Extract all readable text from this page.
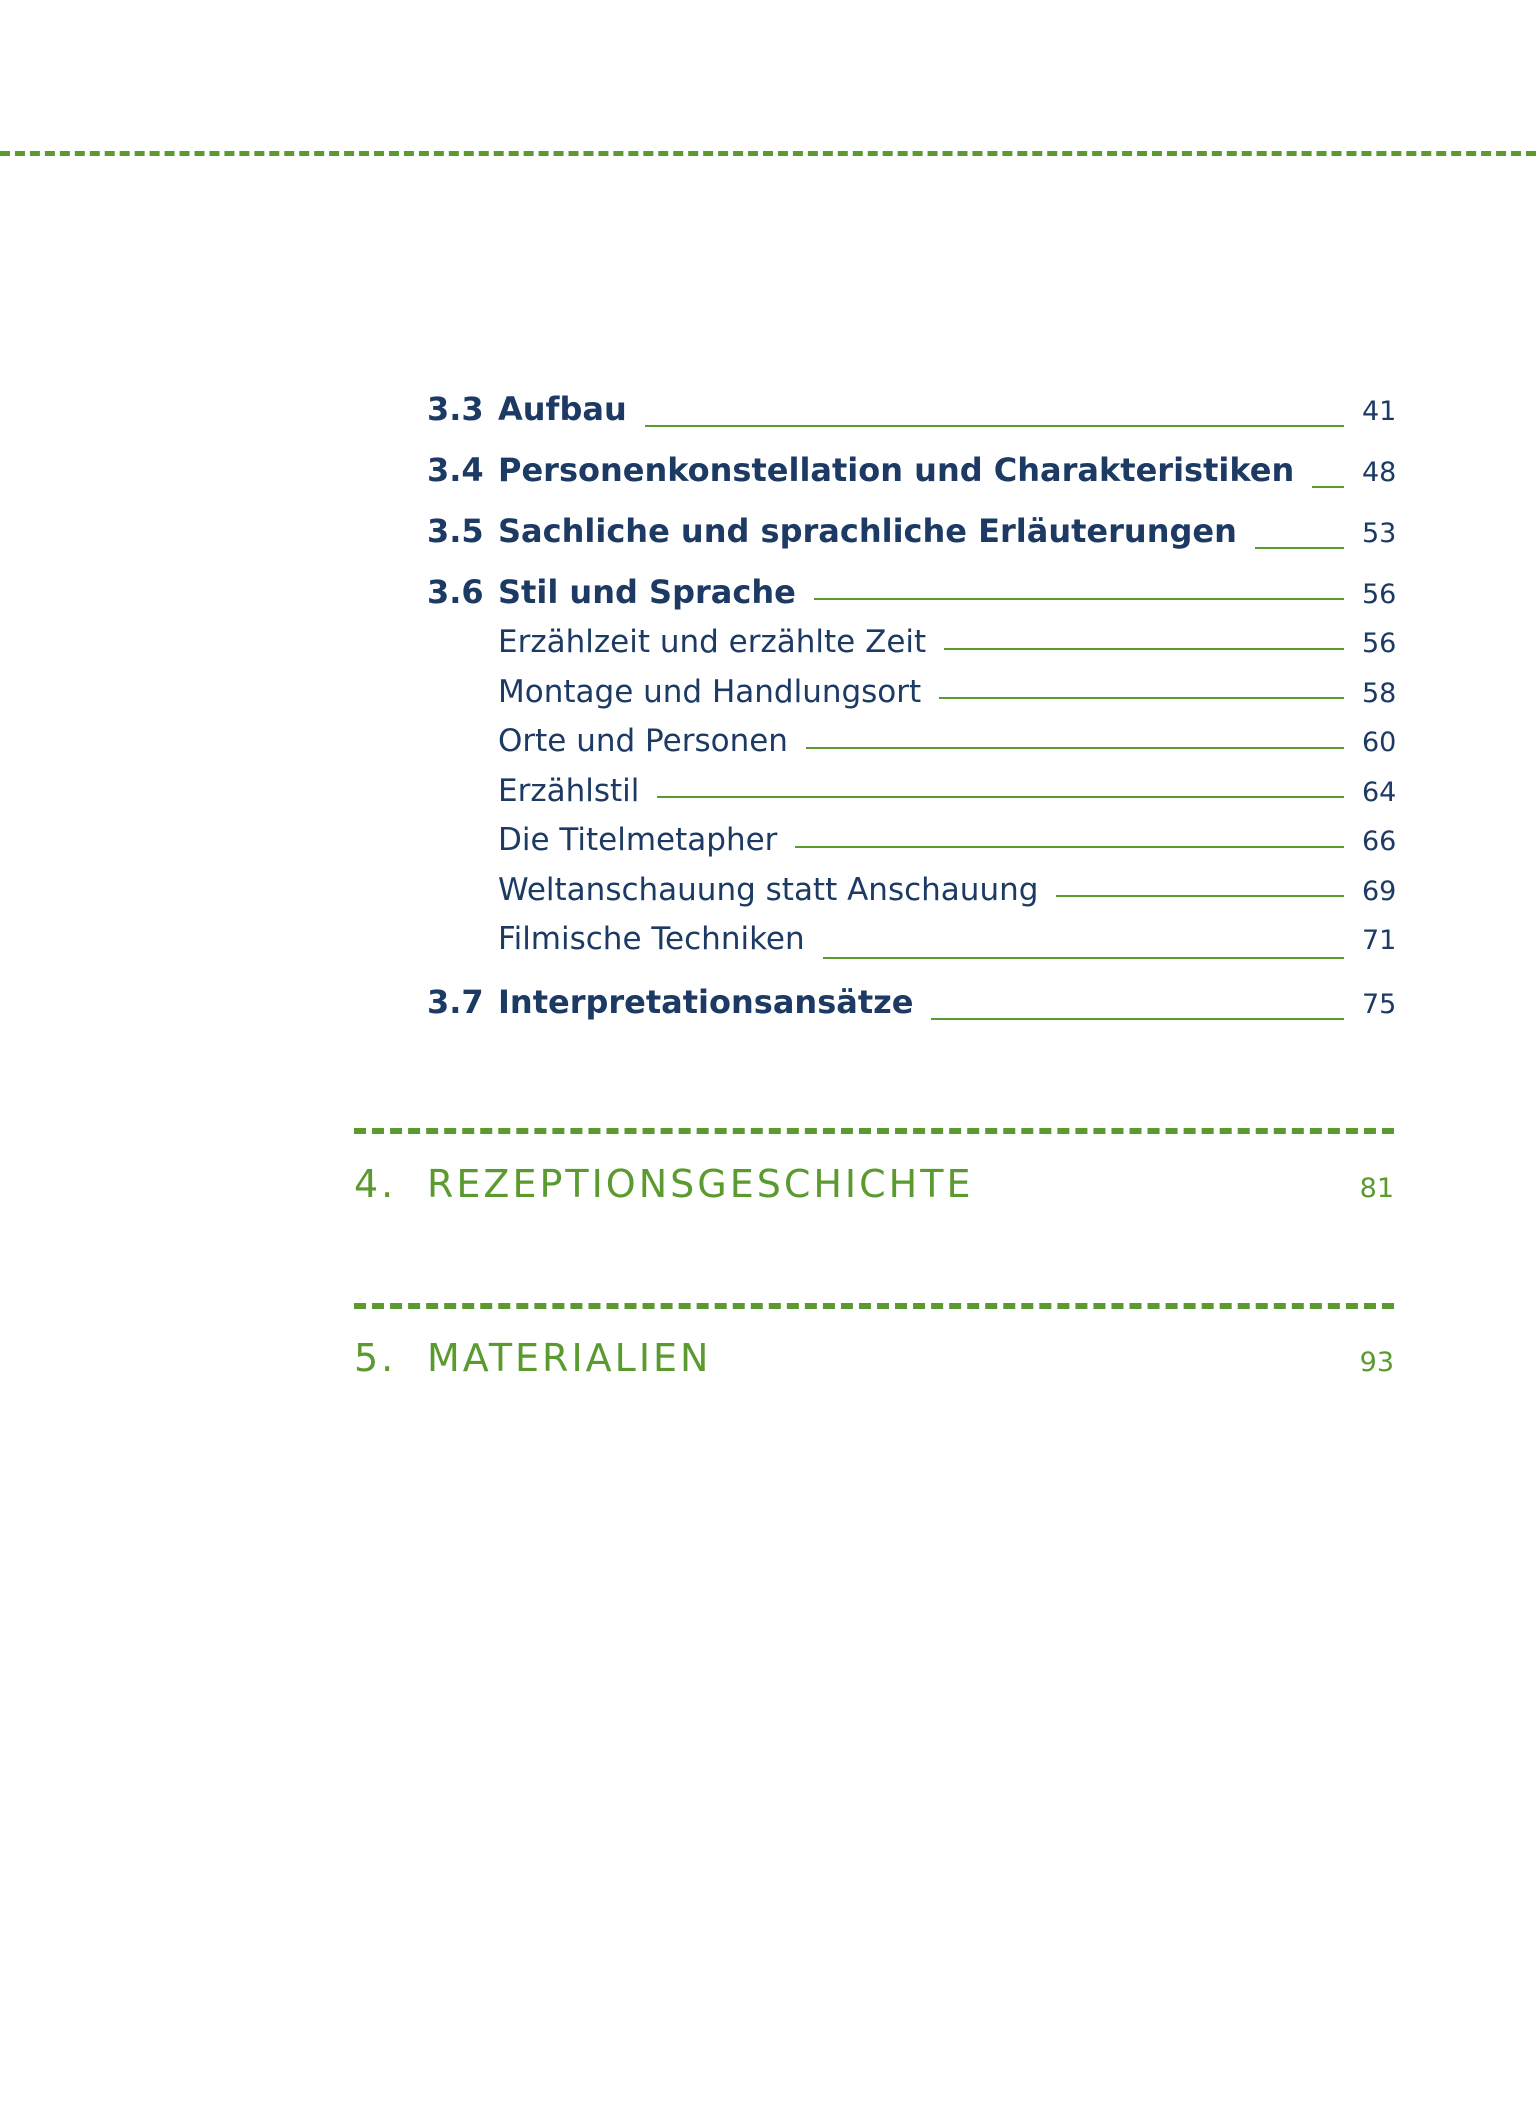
3.3 Aufbau	41
3.4 Personenkonstellation und Charakteristiken	48
3.5 Sachliche und sprachliche Erläuterungen	53
3.6 Stil und Sprache	56
Erzählzeit und erzählte Zeit	56
Montage und Handlungsort	58
Orte und Personen	60
Erzählstil	64
Die Titelmetapher	66
Weltanschauung statt Anschauung	69
Filmische Techniken	71
3.7 Interpretationsansätze	75
4. REZEPTIONSGESCHICHTE	81
5. MATERIALIEN	93
